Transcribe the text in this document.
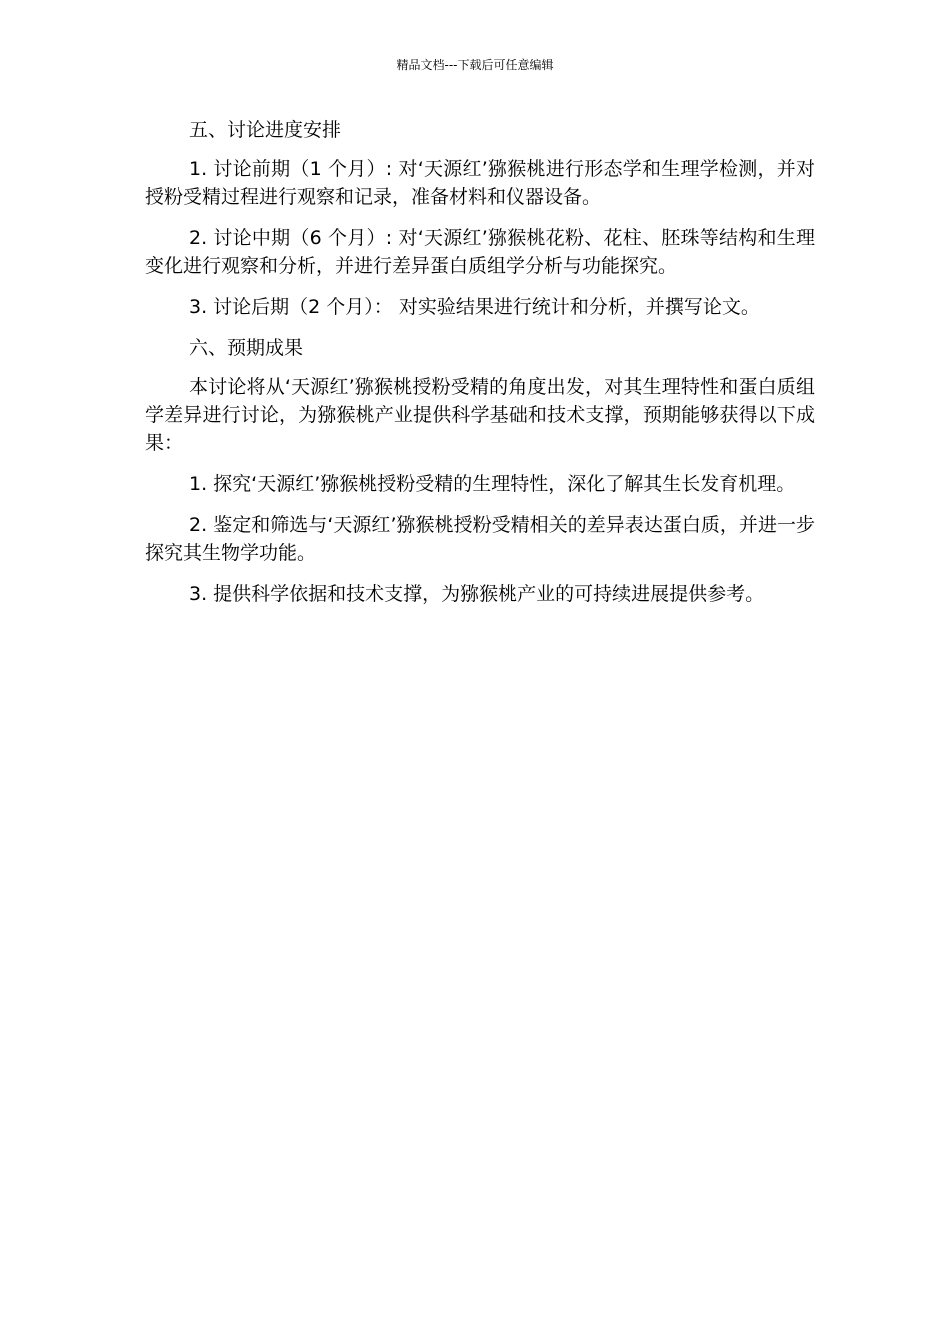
精品文档---下载后可任意编辑

五、讨论进度安排

1. 讨论前期（1 个月）: 对‘天源红’猕猴桃进行形态学和生理学检测，并对授粉受精过程进行观察和记录，准备材料和仪器设备。

2. 讨论中期（6 个月）: 对‘天源红’猕猴桃花粉、花柱、胚珠等结构和生理变化进行观察和分析，并进行差异蛋白质组学分析与功能探究。

3. 讨论后期（2 个月）： 对实验结果进行统计和分析，并撰写论文。

六、预期成果

本讨论将从‘天源红’猕猴桃授粉受精的角度出发，对其生理特性和蛋白质组学差异进行讨论，为猕猴桃产业提供科学基础和技术支撑，预期能够获得以下成果：

1. 探究‘天源红’猕猴桃授粉受精的生理特性，深化了解其生长发育机理。

2. 鉴定和筛选与‘天源红’猕猴桃授粉受精相关的差异表达蛋白质，并进一步探究其生物学功能。

3. 提供科学依据和技术支撑，为猕猴桃产业的可持续进展提供参考。
